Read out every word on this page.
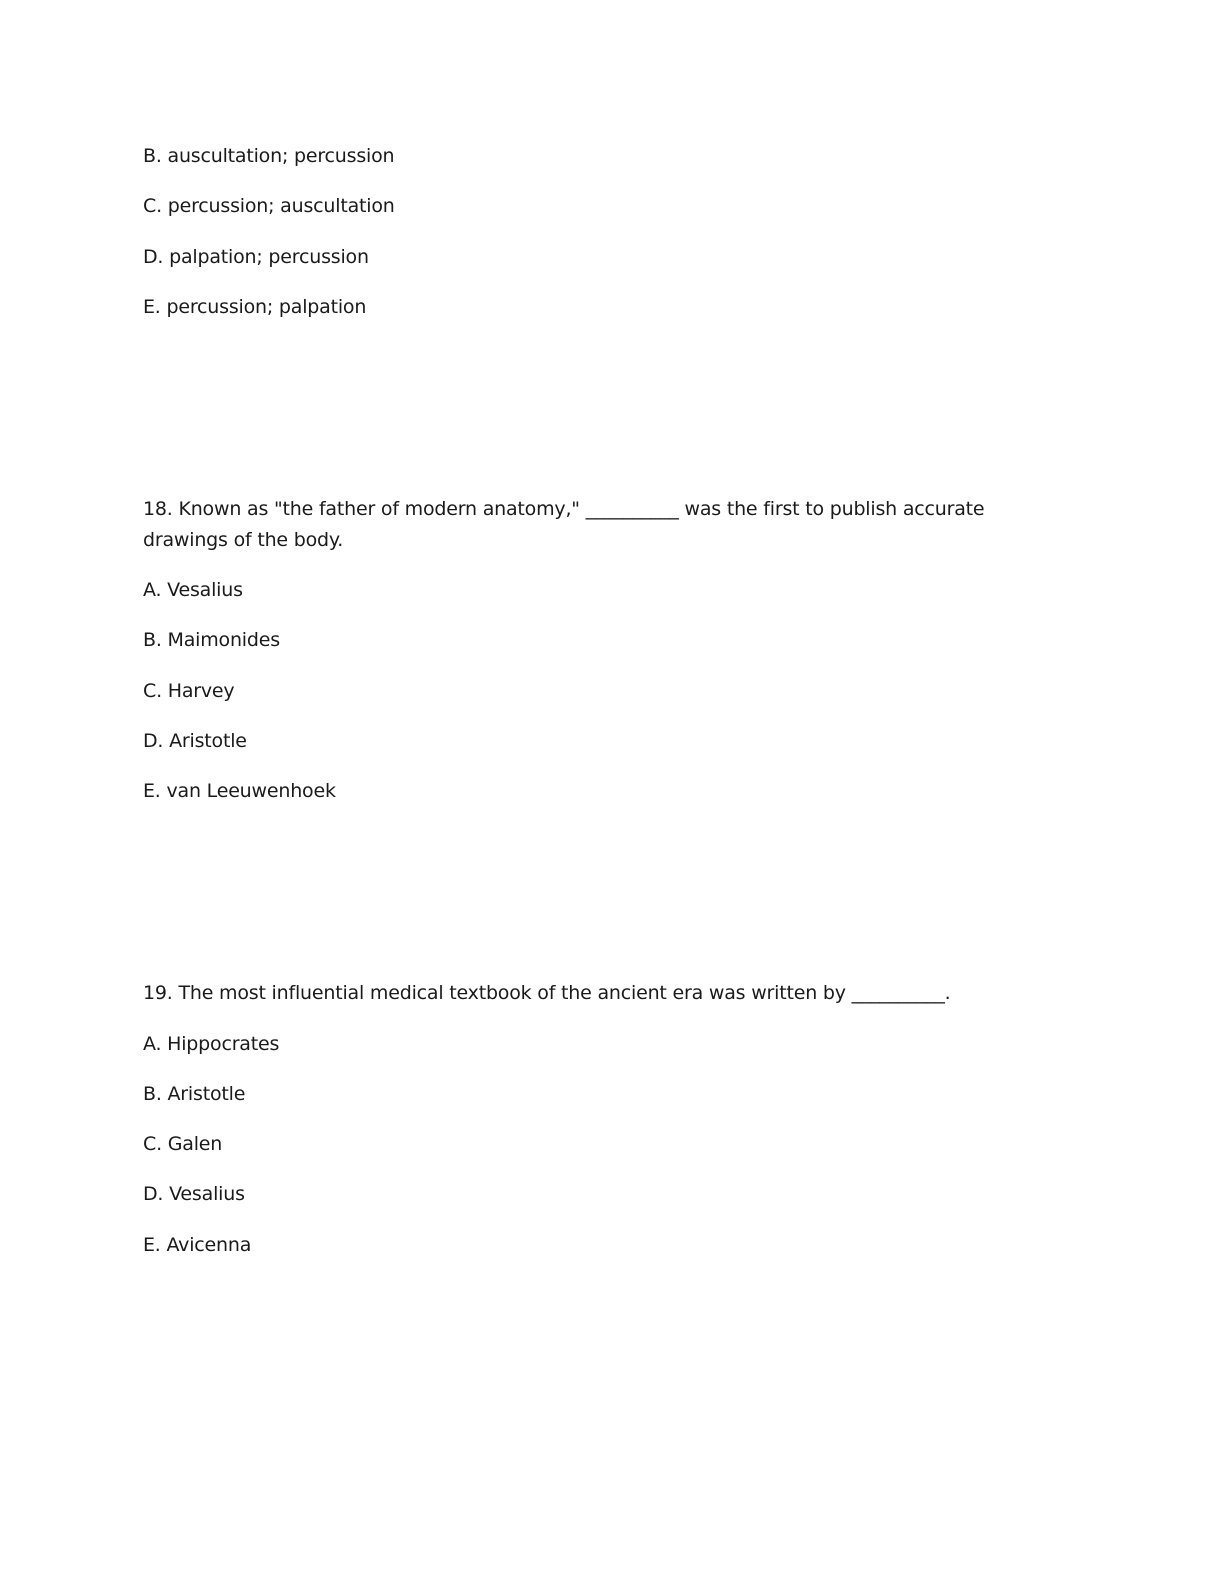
B. auscultation; percussion
C. percussion; auscultation
D. palpation; percussion
E. percussion; palpation
18. Known as "the father of modern anatomy," __________ was the first to publish accurate drawings of the body.
A. Vesalius
B. Maimonides
C. Harvey
D. Aristotle
E. van Leeuwenhoek
19. The most influential medical textbook of the ancient era was written by __________.
A. Hippocrates
B. Aristotle
C. Galen
D. Vesalius
E. Avicenna
